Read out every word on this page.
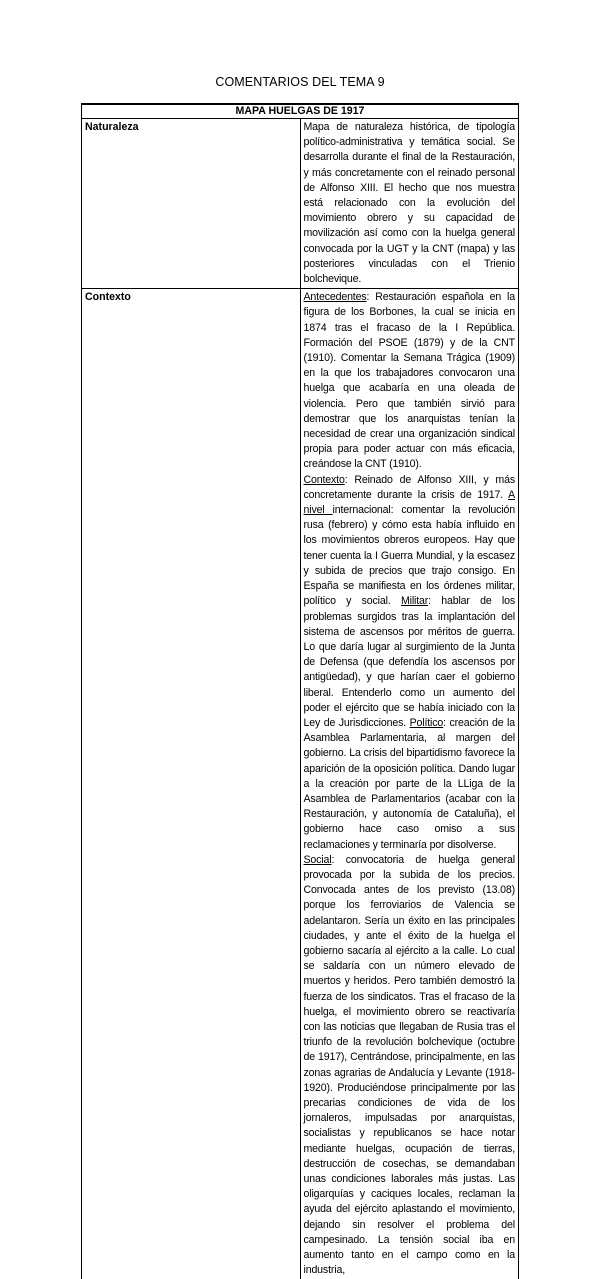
COMENTARIOS DEL TEMA 9
MAPA HUELGAS DE 1917	
Naturaleza	Mapa de naturaleza histórica, de tipología político-administrativa y temática social. Se desarrolla durante el final de la Restauración, y más concretamente con el reinado personal de Alfonso XIII. El hecho que nos muestra está relacionado con la evolución del movimiento obrero y su capacidad de movilización así como con la huelga general convocada por la UGT y la CNT (mapa) y las posteriores vinculadas con el Trienio bolchevique.
Contexto	Antecedentes: Restauración española en la figura de los Borbones, la cual se inicia en 1874 tras el fracaso de la I República. Formación del PSOE (1879) y de la CNT (1910). Comentar la Semana Trágica (1909) en la que los trabajadores convocaron una huelga que acabaría en una oleada de violencia. Pero que también sirvió para demostrar que los anarquistas tenían la necesidad de crear una organización sindical propia para poder actuar con más eficacia, creándose la CNT (1910).

Contexto: Reinado de Alfonso XIII, y más concretamente durante la crisis de 1917. A nivel internacional: comentar la revolución rusa (febrero) y cómo esta había influido en los movimientos obreros europeos. Hay que tener cuenta la I Guerra Mundial, y la escasez y subida de precios que trajo consigo. En España se manifiesta en los órdenes militar, político y social. Militar: hablar de los problemas surgidos tras la implantación del sistema de ascensos por méritos de guerra. Lo que daría lugar al surgimiento de la Junta de Defensa (que defendía los ascensos por antigüedad), y que harían caer el gobierno liberal. Entenderlo como un aumento del poder el ejército que se había iniciado con la Ley de Jurisdicciones. Político: creación de la Asamblea Parlamentaria, al margen del gobierno. La crisis del bipartidismo favorece la aparición de la oposición política. Dando lugar a la creación por parte de la LLiga de la Asamblea de Parlamentarios (acabar con la Restauración, y autonomía de Cataluña), el gobierno hace caso omiso a sus reclamaciones y terminaría por disolverse.

Social: convocatoria de huelga general provocada por la subida de los precios. Convocada antes de los previsto (13.08) porque los ferroviarios de Valencia se adelantaron. Sería un éxito en las principales ciudades, y ante el éxito de la huelga el gobierno sacaría al ejército a la calle. Lo cual se saldaría con un número elevado de muertos y heridos. Pero también demostró la fuerza de los sindicatos. Tras el fracaso de la huelga, el movimiento obrero se reactivaría con las noticias que llegaban de Rusia tras el triunfo de la revolución bolchevique (octubre de 1917), Centrándose, principalmente, en las zonas agrarias de Andalucía y Levante (1918-1920). Produciéndose principalmente por las precarias condiciones de vida de los jornaleros, impulsadas por anarquistas, socialistas y republicanos se hace notar mediante huelgas, ocupación de tierras, destrucción de cosechas, se demandaban unas condiciones laborales más justas. Las oligarquías y caciques locales, reclaman la ayuda del ejército aplastando el movimiento, dejando sin resolver el problema del campesinado. La tensión social iba en aumento tanto en el campo como en la industria,
